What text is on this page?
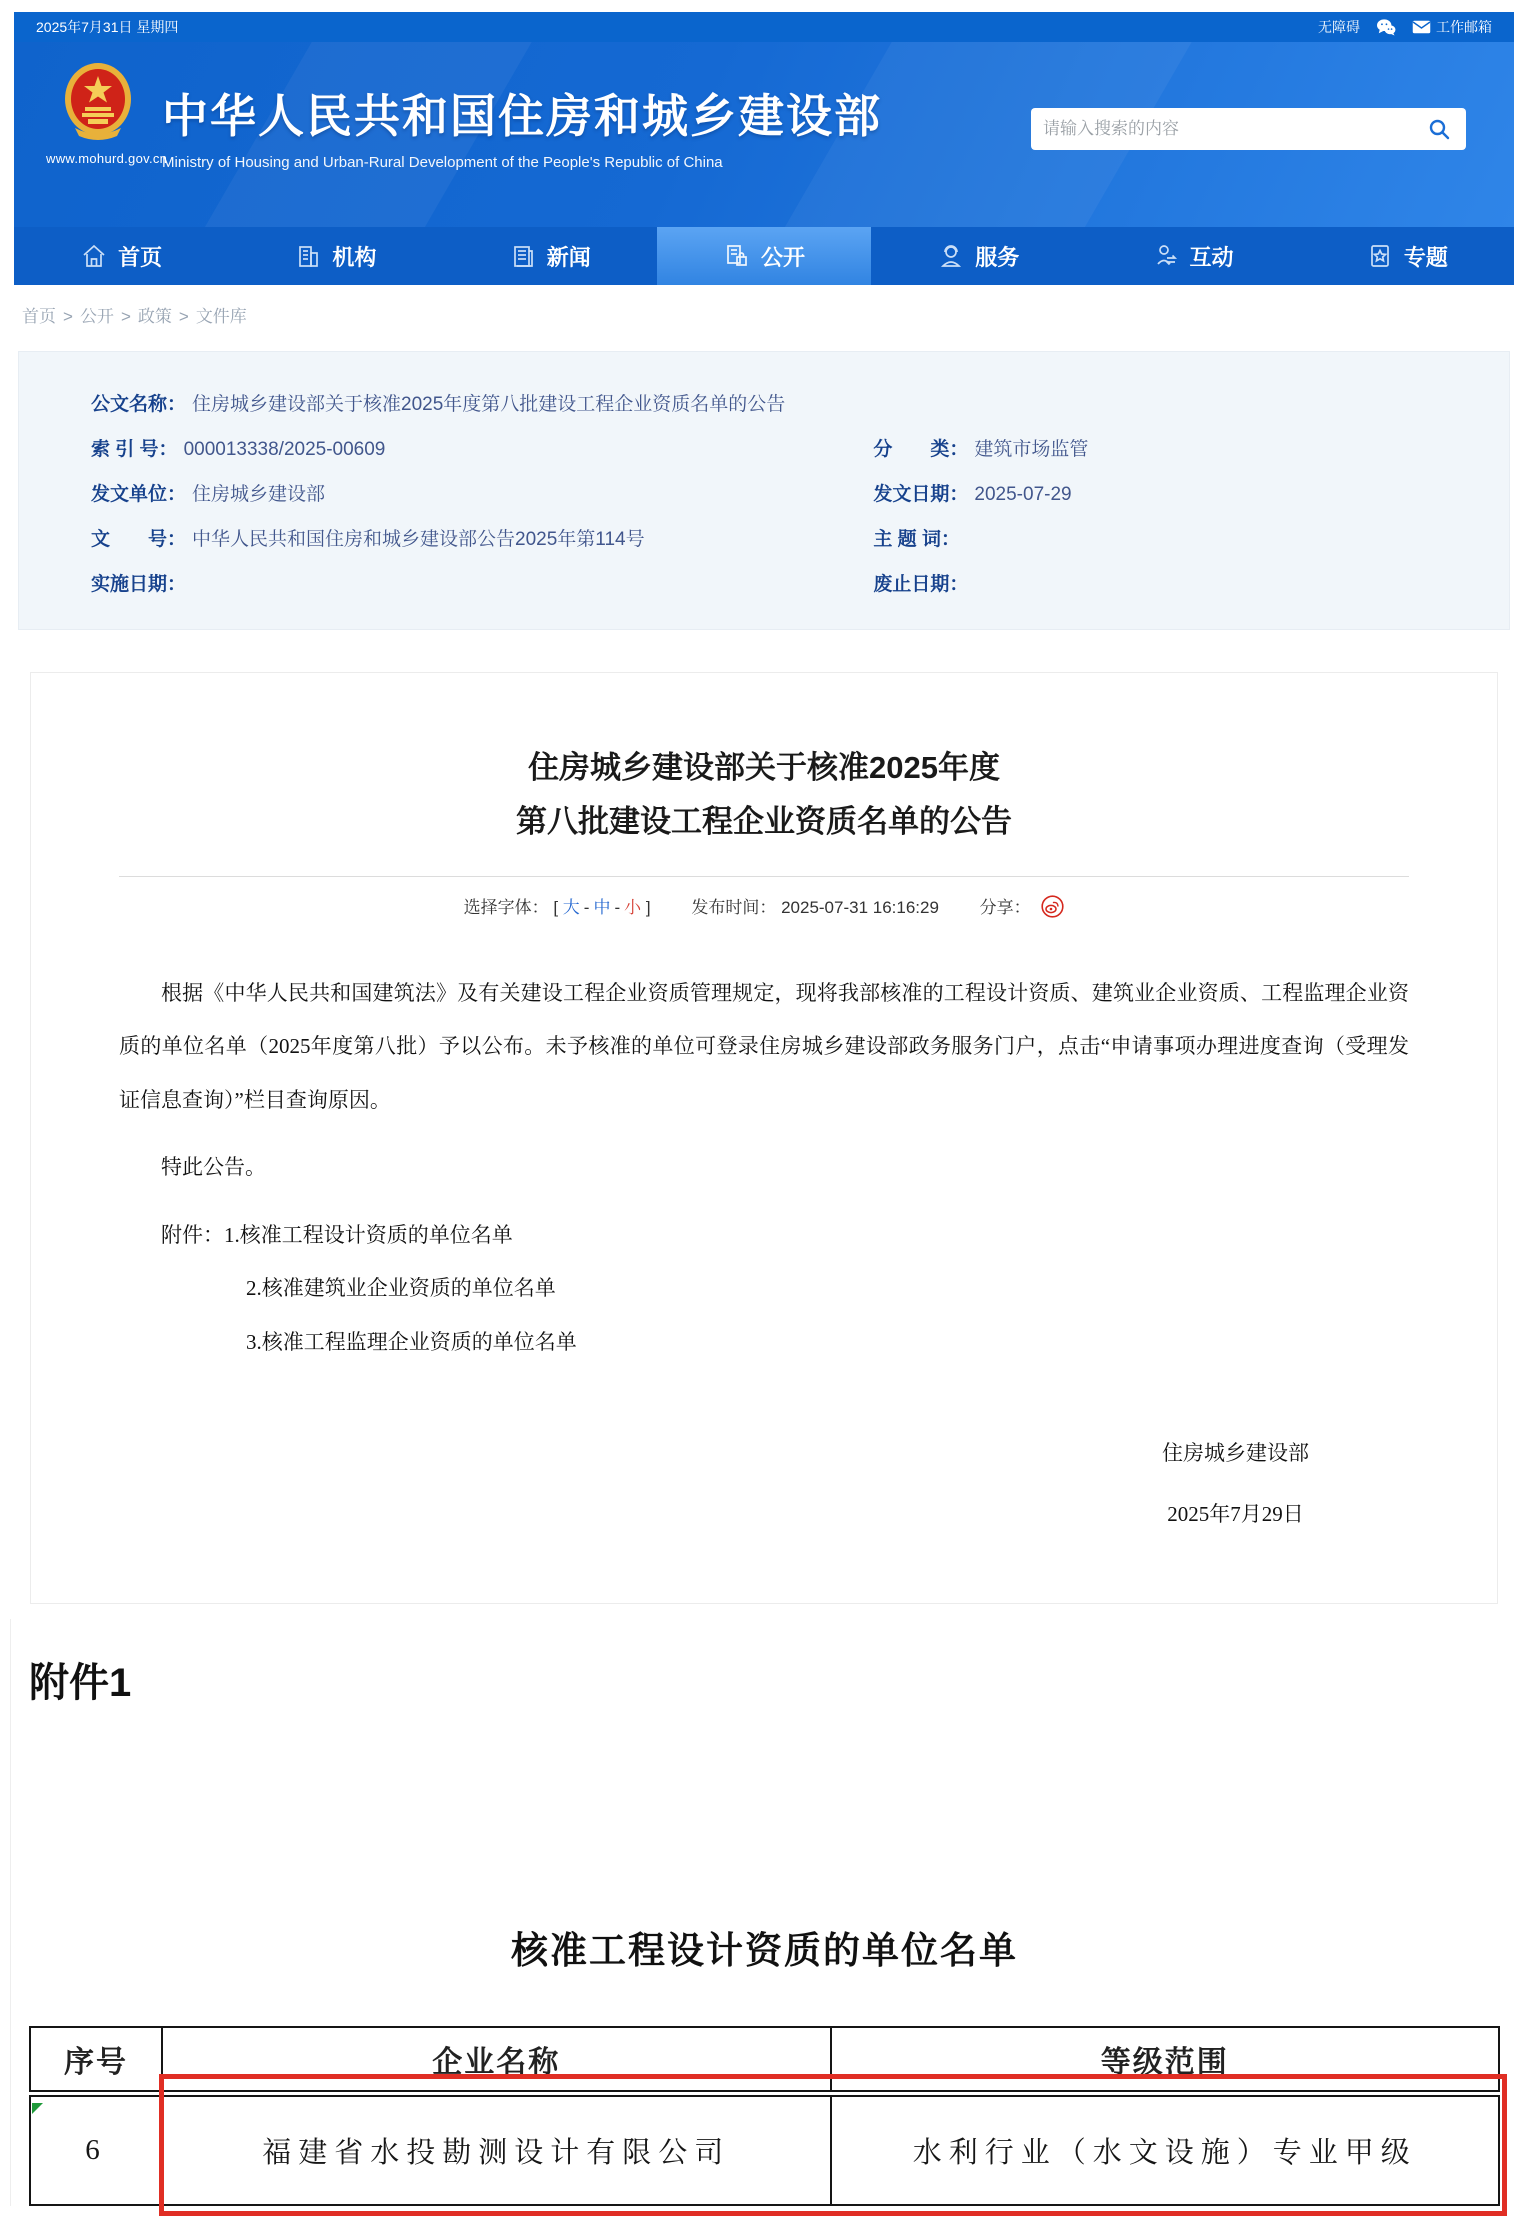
2025年7月31日 星期四	无障碍	工作邮箱
www.mohurd.gov.cn
中华人民共和国住房和城乡建设部
Ministry of Housing and Urban-Rural Development of the People's Republic of China
请输入搜索的内容
首页	机构	新闻	公开	服务	互动	专题
首页 > 公开 > 政策 > 文件库
公文名称： 住房城乡建设部关于核准2025年度第八批建设工程企业资质名单的公告
索 引 号： 000013338/2025-00609	分　　类： 建筑市场监管
发文单位： 住房城乡建设部	发文日期： 2025-07-29
文　　号： 中华人民共和国住房和城乡建设部公告2025年第114号	主 题 词：
实施日期：	废止日期：
住房城乡建设部关于核准2025年度
第八批建设工程企业资质名单的公告
选择字体： [ 大 - 中 - 小 ] 发布时间： 2025-07-31 16:16:29 分享：

根据《中华人民共和国建筑法》及有关建设工程企业资质管理规定，现将我部核准的工程设计资质、建筑业企业资质、工程监理企业资质的单位名单（2025年度第八批）予以公布。未予核准的单位可登录住房城乡建设部政务服务门户，点击“申请事项办理进度查询（受理发证信息查询）”栏目查询原因。

特此公告。

附件： 1.核准工程设计资质的单位名单
2.核准建筑业企业资质的单位名单
3.核准工程监理企业资质的单位名单
住房城乡建设部
2025年7月29日
附件1
核准工程设计资质的单位名单
序号	企业名称	等级范围
6	福建省水投勘测设计有限公司	水利行业（水文设施）专业甲级
